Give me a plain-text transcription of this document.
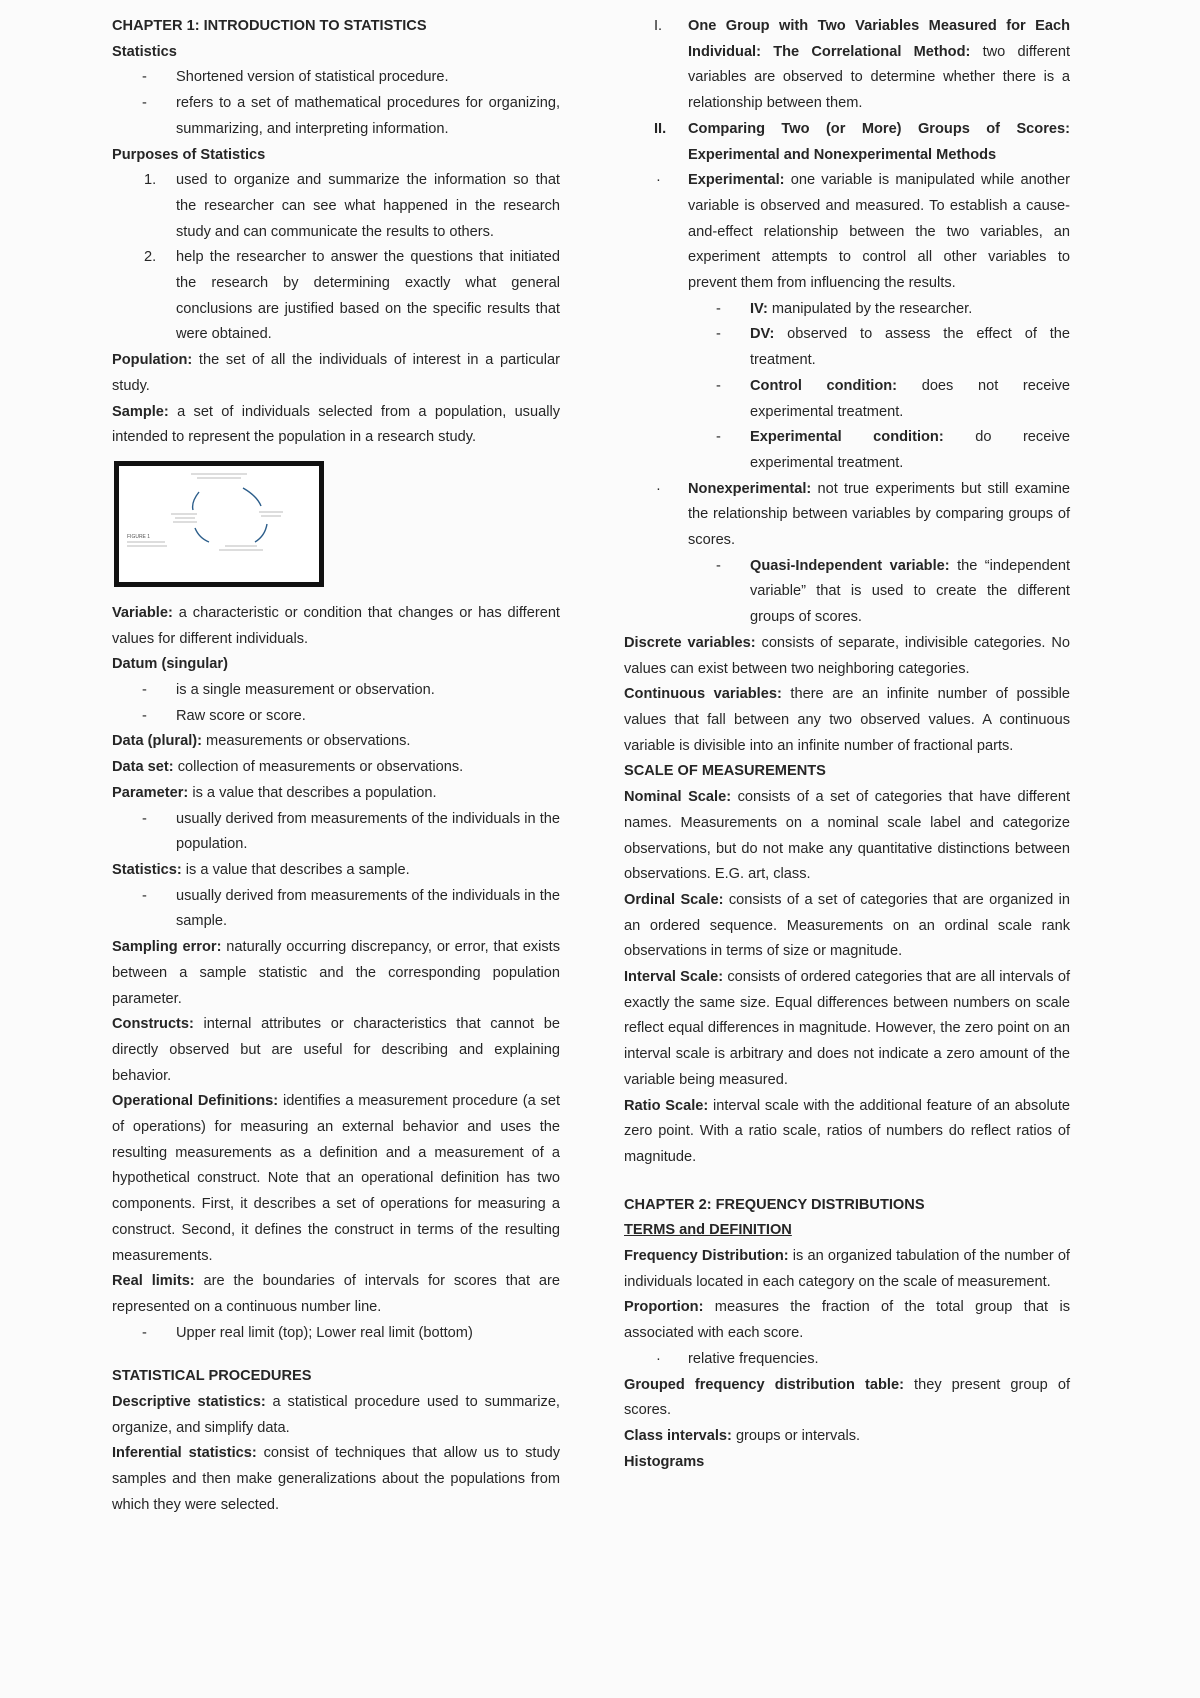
CHAPTER 1: INTRODUCTION TO STATISTICS

Statistics

- Shortened version of statistical procedure.
- refers to a set of mathematical procedures for organizing, summarizing, and interpreting information.

Purposes of Statistics

1. used to organize and summarize the information so that the researcher can see what happened in the research study and can communicate the results to others.
2. help the researcher to answer the questions that initiated the research by determining exactly what general conclusions are justified based on the specific results that were obtained.

Population: the set of all the individuals of interest in a particular study.

Sample: a set of individuals selected from a population, usually intended to represent the population in a research study.

FIGURE 1

Variable: a characteristic or condition that changes or has different values for different individuals.

Datum (singular)

- is a single measurement or observation.
- Raw score or score.

Data (plural): measurements or observations.

Data set: collection of measurements or observations.

Parameter: is a value that describes a population.

- usually derived from measurements of the individuals in the population.

Statistics: is a value that describes a sample.

- usually derived from measurements of the individuals in the sample.

Sampling error: naturally occurring discrepancy, or error, that exists between a sample statistic and the corresponding population parameter.

Constructs: internal attributes or characteristics that cannot be directly observed but are useful for describing and explaining behavior.

Operational Definitions: identifies a measurement procedure (a set of operations) for measuring an external behavior and uses the resulting measurements as a definition and a measurement of a hypothetical construct. Note that an operational definition has two components. First, it describes a set of operations for measuring a construct. Second, it defines the construct in terms of the resulting measurements.

Real limits: are the boundaries of intervals for scores that are represented on a continuous number line.

- Upper real limit (top); Lower real limit (bottom)

STATISTICAL PROCEDURES

Descriptive statistics: a statistical procedure used to summarize, organize, and simplify data.

Inferential statistics: consist of techniques that allow us to study samples and then make generalizations about the populations from which they were selected.

I. One Group with Two Variables Measured for Each Individual: The Correlational Method: two different variables are observed to determine whether there is a relationship between them.
II. Comparing Two (or More) Groups of Scores: Experimental and Nonexperimental Methods
· Experimental: one variable is manipulated while another variable is observed and measured. To establish a cause-and-effect relationship between the two variables, an experiment attempts to control all other variables to prevent them from influencing the results.
- IV: manipulated by the researcher.
- DV: observed to assess the effect of the treatment.
- Control condition: does not receive experimental treatment.
- Experimental condition: do receive experimental treatment.
· Nonexperimental: not true experiments but still examine the relationship between variables by comparing groups of scores.
- Quasi-Independent variable: the “independent variable” that is used to create the different groups of scores.

Discrete variables: consists of separate, indivisible categories. No values can exist between two neighboring categories.

Continuous variables: there are an infinite number of possible values that fall between any two observed values. A continuous variable is divisible into an infinite number of fractional parts.

SCALE OF MEASUREMENTS

Nominal Scale: consists of a set of categories that have different names. Measurements on a nominal scale label and categorize observations, but do not make any quantitative distinctions between observations. E.G. art, class.

Ordinal Scale: consists of a set of categories that are organized in an ordered sequence. Measurements on an ordinal scale rank observations in terms of size or magnitude.

Interval Scale: consists of ordered categories that are all intervals of exactly the same size. Equal differences between numbers on scale reflect equal differences in magnitude. However, the zero point on an interval scale is arbitrary and does not indicate a zero amount of the variable being measured.

Ratio Scale: interval scale with the additional feature of an absolute zero point. With a ratio scale, ratios of numbers do reflect ratios of magnitude.

CHAPTER 2: FREQUENCY DISTRIBUTIONS

TERMS and DEFINITION

Frequency Distribution: is an organized tabulation of the number of individuals located in each category on the scale of measurement.

Proportion: measures the fraction of the total group that is associated with each score.

· relative frequencies.

Grouped frequency distribution table: they present group of scores.

Class intervals: groups or intervals.

Histograms
